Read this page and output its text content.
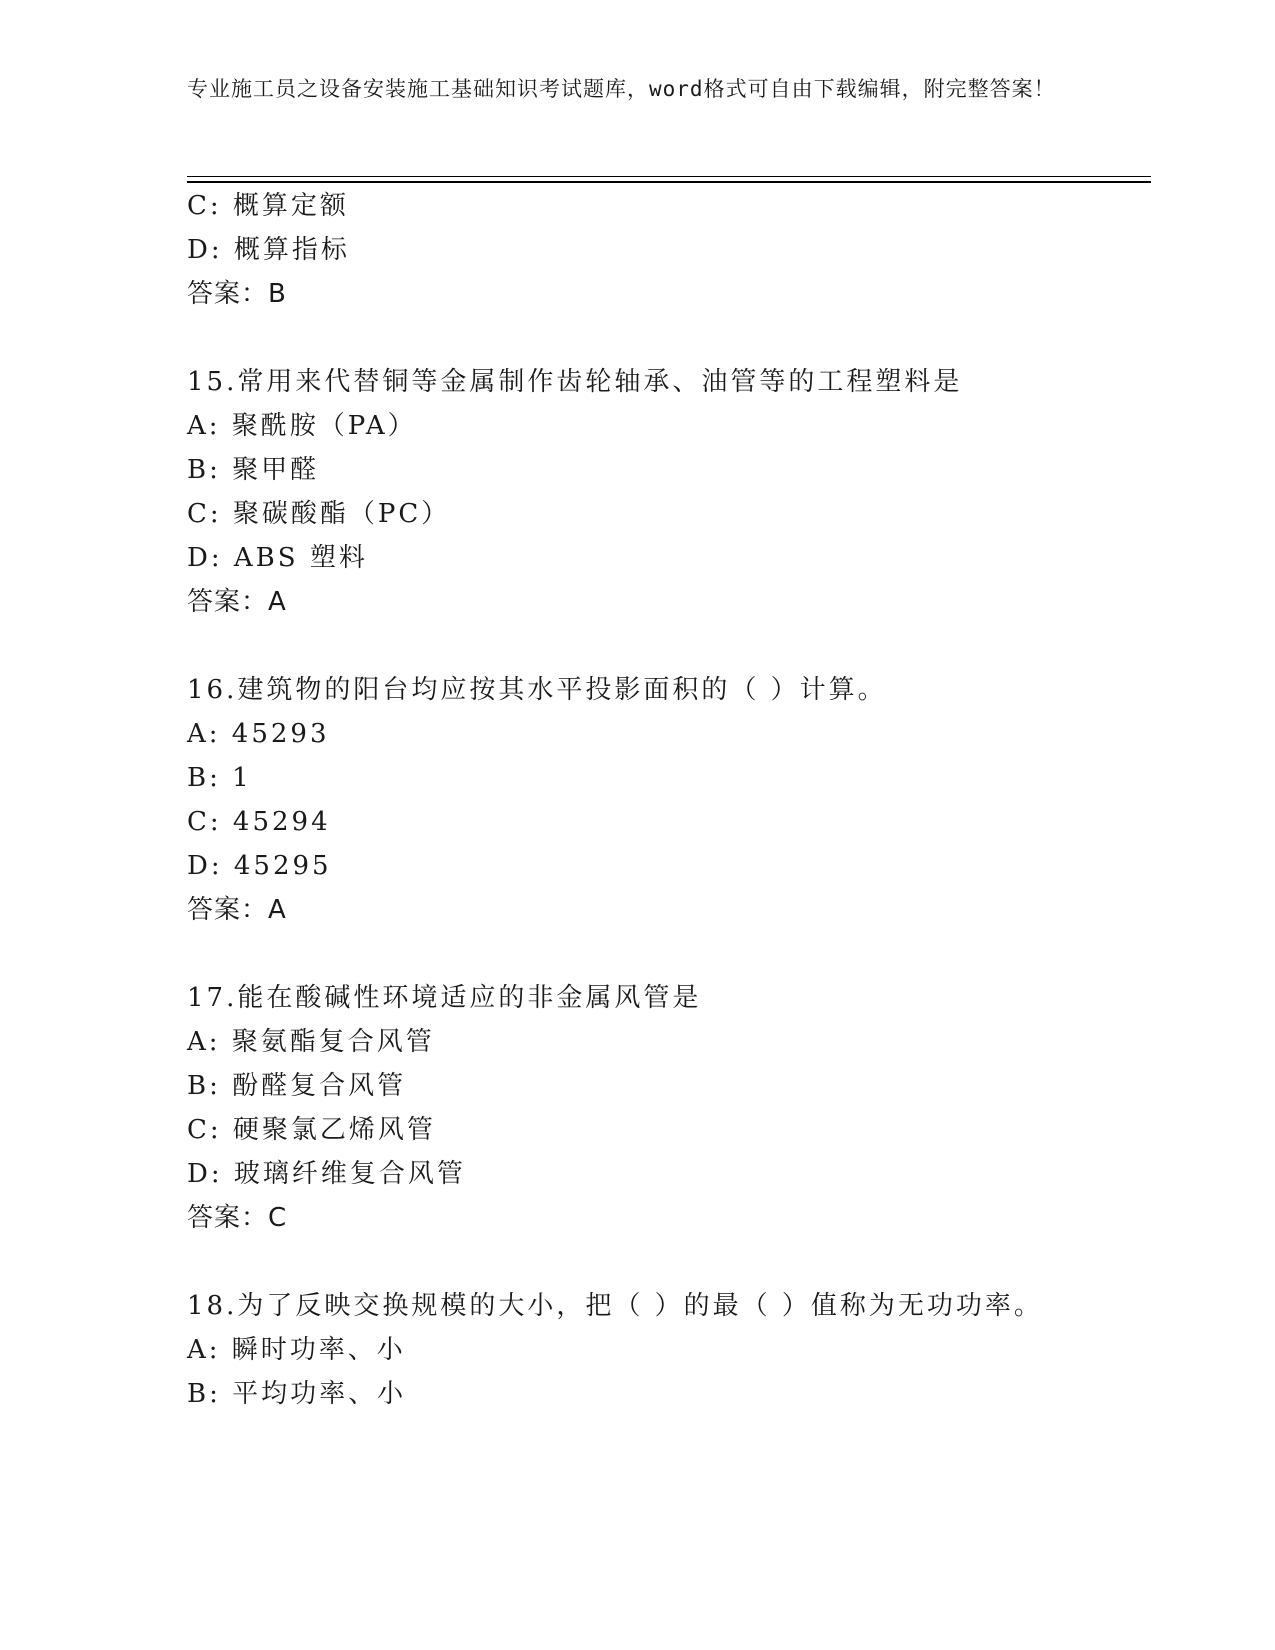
专业施工员之设备安装施工基础知识考试题库，word格式可自由下载编辑，附完整答案！
C: 概算定额
D: 概算指标
答案：B
15.常用来代替铜等金属制作齿轮轴承、油管等的工程塑料是
A: 聚酰胺（PA）
B: 聚甲醛
C: 聚碳酸酯（PC）
D: ABS 塑料
答案：A
16.建筑物的阳台均应按其水平投影面积的（ ）计算。
A: 45293
B: 1
C: 45294
D: 45295
答案：A
17.能在酸碱性环境适应的非金属风管是
A: 聚氨酯复合风管
B: 酚醛复合风管
C: 硬聚氯乙烯风管
D: 玻璃纤维复合风管
答案：C
18.为了反映交换规模的大小，把（ ）的最（ ）值称为无功功率。
A: 瞬时功率、小
B: 平均功率、小
